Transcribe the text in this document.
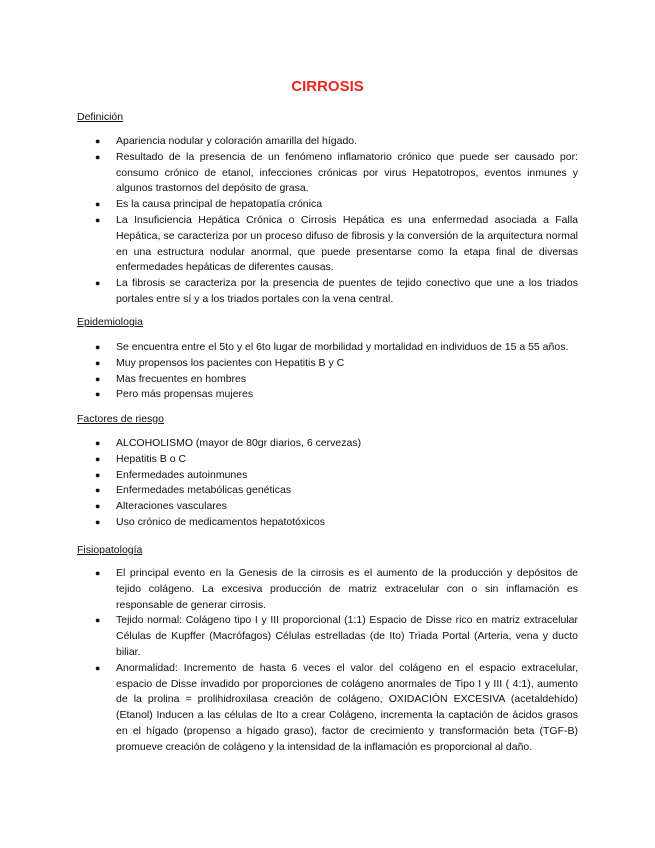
CIRROSIS
Definición
● Apariencia nodular y coloración amarilla del hígado.
● Resultado de la presencia de un fenómeno inflamatorio crónico que puede ser causado por: consumo crónico de etanol, infecciones crónicas por virus Hepatotropos, eventos inmunes y algunos trastornos del depósito de grasa.
● Es la causa principal de hepatopatía crónica
● La Insuficiencia Hepática Crónica o Cirrosis Hepática es una enfermedad asociada a Falla Hepática, se caracteriza por un proceso difuso de fibrosis y la conversión de la arquitectura normal en una estructura nodular anormal, que puede presentarse como la etapa final de diversas enfermedades hepáticas de diferentes causas.
● La fibrosis se caracteriza por la presencia de puentes de tejido conectivo que une a los triados portales entre sí y a los triados portales con la vena central.
Epidemiologia
● Se encuentra entre el 5to y el 6to lugar de morbilidad y mortalidad en individuos de 15 a 55 años.
● Muy propensos los pacientes con Hepatitis B y C
● Mas frecuentes en hombres
● Pero más propensas mujeres
Factores de riesgo
● ALCOHOLISMO (mayor de 80gr diarios, 6 cervezas)
● Hepatitis B o C
● Enfermedades autoinmunes
● Enfermedades metabólicas genéticas
● Alteraciones vasculares
● Uso crónico de medicamentos hepatotóxicos
Fisiopatología
● El principal evento en la Genesis de la cirrosis es el aumento de la producción y depósitos de tejido colágeno. La excesiva producción de matriz extracelular con o sin inflamación es responsable de generar cirrosis.
● Tejido normal: Colágeno tipo I y III proporcional (1:1) Espacio de Disse rico en matriz extracelular Células de Kupffer (Macrófagos) Células estrelladas (de Ito) Triada Portal (Arteria, vena y ducto biliar.
● Anormalidad: Incremento de hasta 6 veces el valor del colágeno en el espacio extracelular, espacio de Disse invadido por proporciones de colágeno anormales de Tipo I y III ( 4:1), aumento de la prolina = prolihidroxilasa creación de colágeno, OXIDACIÓN EXCESIVA (acetaldehído) (Etanol) Inducen a las células de Ito a crear Colágeno, incrementa la captación de ácidos grasos en el hígado (propenso a hígado graso), factor de crecimiento y transformación beta (TGF-B) promueve creación de colágeno y la intensidad de la inflamación es proporcional al daño.
